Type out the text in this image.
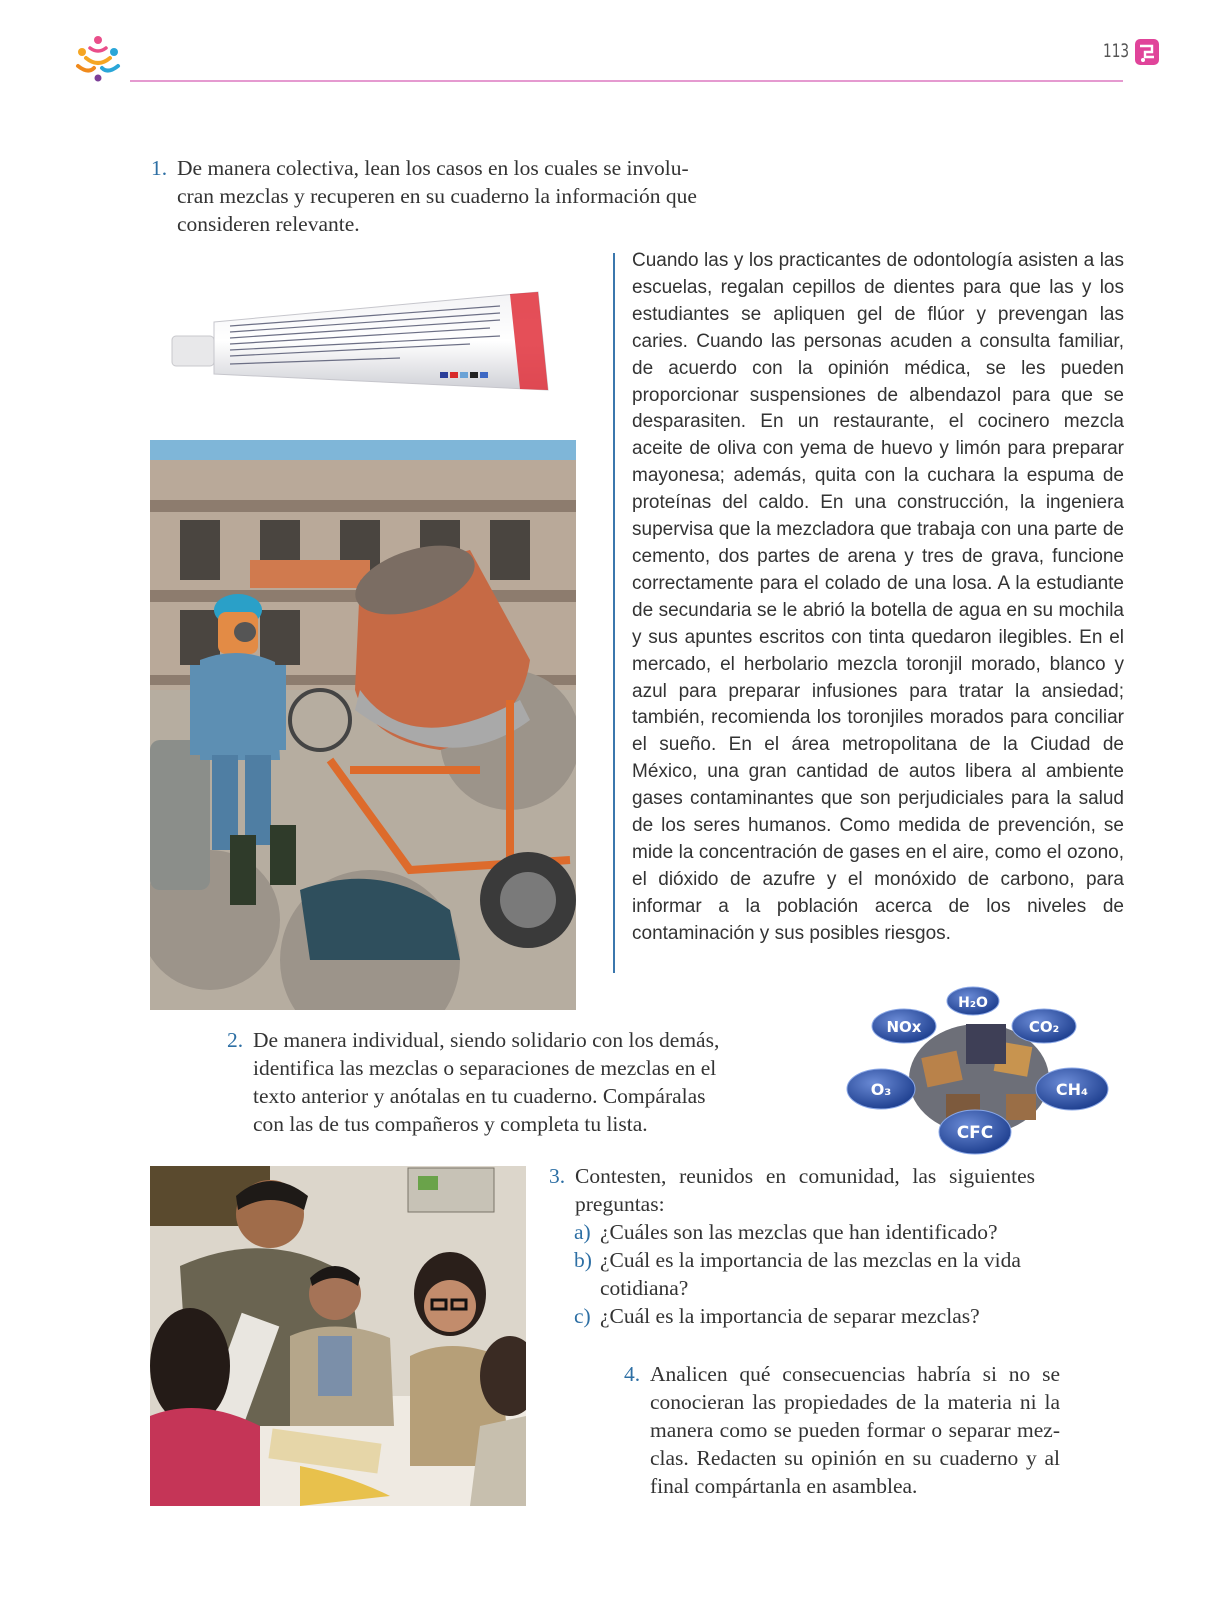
113
1. De manera colectiva, lean los casos en los cuales se involu-
cran mezclas y recuperen en su cuaderno la información que
consideren relevante.
Cuando las y los practicantes de odontología asisten a las escuelas, regalan cepillos de dientes para que las y los estudiantes se apliquen gel de flúor y prevengan las caries. Cuando las personas acuden a consulta familiar, de acuerdo con la opinión médica, se les pueden proporcionar suspensiones de albendazol para que se desparasiten. En un restaurante, el cocinero mezcla aceite de oliva con yema de huevo y limón para preparar mayonesa; además, quita con la cuchara la espuma de proteínas del caldo. En una construcción, la ingeniera supervisa que la mezcladora que trabaja con una parte de cemento, dos partes de arena y tres de grava, funcione correctamente para el colado de una losa. A la estudiante de secundaria se le abrió la botella de agua en su mochila y sus apuntes escritos con tinta quedaron ilegibles. En el mercado, el herbolario mezcla toronjil morado, blanco y azul para preparar infusiones para tratar la ansiedad; también, recomienda los toronjiles morados para conciliar el sueño. En el área metropolitana de la Ciudad de México, una gran cantidad de autos libera al ambiente gases contaminantes que son perjudiciales para la salud de los seres humanos. Como medida de prevención, se mide la concentración de gases en el aire, como el ozono, el dióxido de azufre y el monóxido de carbono, para informar a la población acerca de los niveles de contaminación y sus posibles riesgos.
H₂O
NOx	CO₂
O₃	CH₄
CFC
2. De manera individual, siendo solidario con los demás,
identifica las mezclas o separaciones de mezclas en el
texto anterior y anótalas en tu cuaderno. Compáralas
con las de tus compañeros y completa tu lista.
3. Contesten, reunidos en comunidad, las siguientes
preguntas:
a) ¿Cuáles son las mezclas que han identificado?
b) ¿Cuál es la importancia de las mezclas en la vida
cotidiana?
c) ¿Cuál es la importancia de separar mezclas?
4. Analicen qué consecuencias habría si no se
conocieran las propiedades de la materia ni la
manera como se pueden formar o separar mez-
clas. Redacten su opinión en su cuaderno y al
final compártanla en asamblea.
